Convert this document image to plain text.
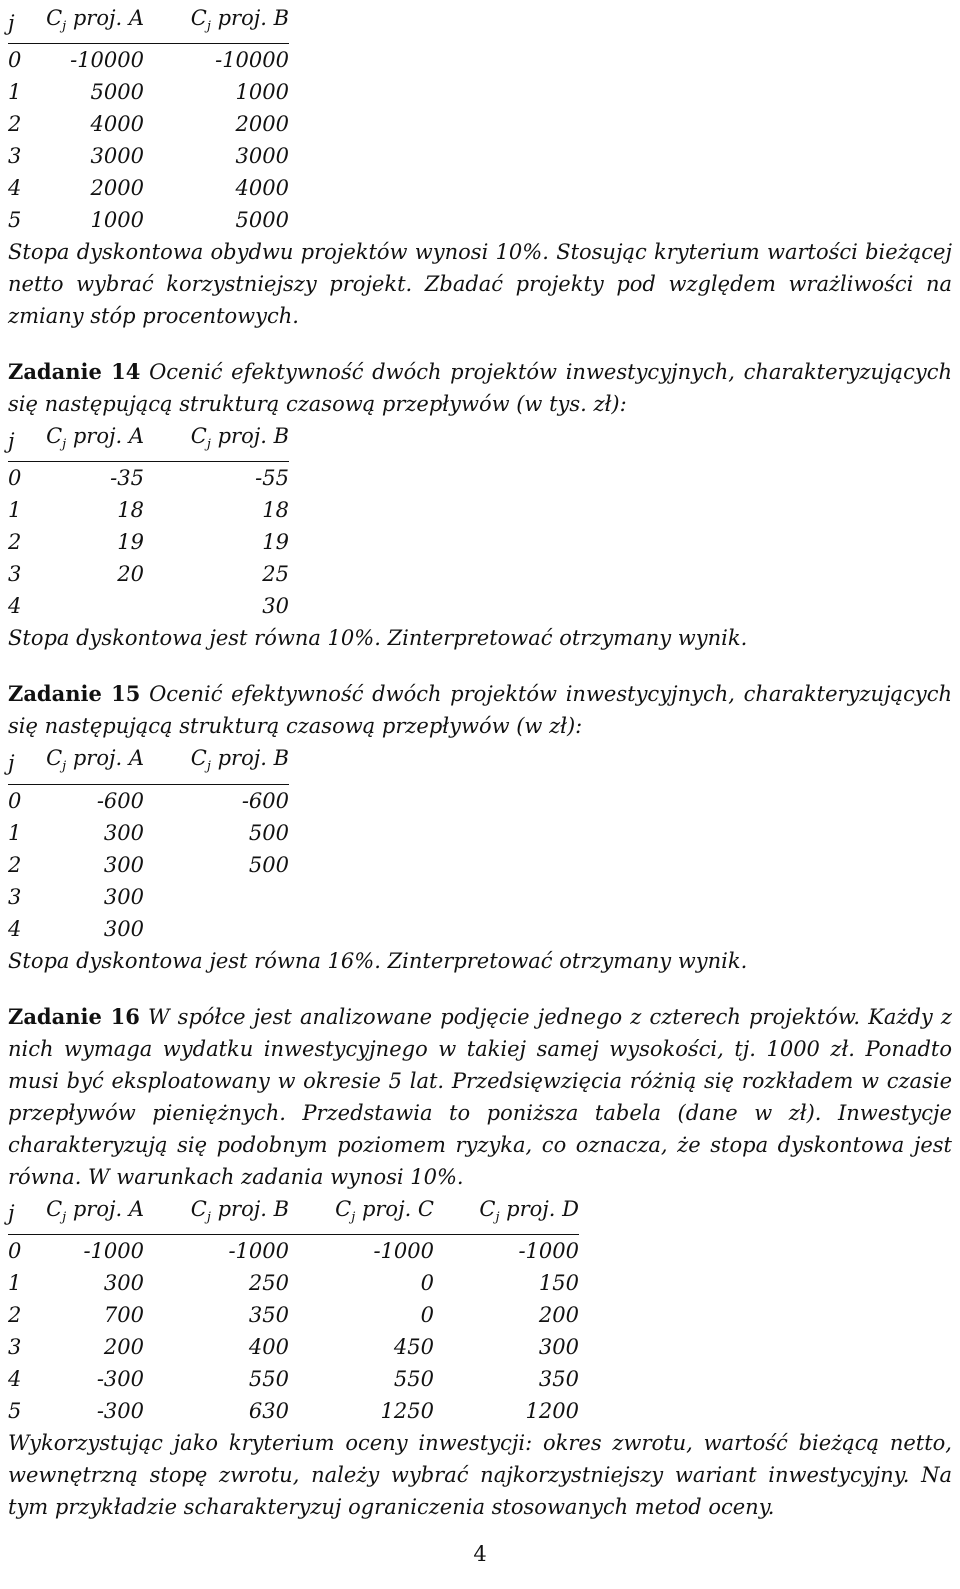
j	$C_j$ proj. A	$C_j$ proj. B
0	-10000	-10000
1	5000	1000
2	4000	2000
3	3000	3000
4	2000	4000
5	1000	5000

Stopa dyskontowa obydwu projektów wynosi 10%. Stosując kryterium wartości bieżącej netto wybrać korzystniejszy projekt. Zbadać projekty pod względem wrażliwości na zmiany stóp procentowych.

Zadanie 14 Ocenić efektywność dwóch projektów inwestycyjnych, charakteryzujących się następującą strukturą czasową przepływów (w tys. zł):

j	$C_j$ proj. A	$C_j$ proj. B
0	-35	-55
1	18	18
2	19	19
3	20	25
4		30

Stopa dyskontowa jest równa 10%. Zinterpretować otrzymany wynik.

Zadanie 15 Ocenić efektywność dwóch projektów inwestycyjnych, charakteryzujących się następującą strukturą czasową przepływów (w zł):

j	$C_j$ proj. A	$C_j$ proj. B
0	-600	-600
1	300	500
2	300	500
3	300	
4	300	

Stopa dyskontowa jest równa 16%. Zinterpretować otrzymany wynik.

Zadanie 16 W spółce jest analizowane podjęcie jednego z czterech projektów. Każdy z nich wymaga wydatku inwestycyjnego w takiej samej wysokości, tj. 1000 zł. Ponadto musi być eksploatowany w okresie 5 lat. Przedsięwzięcia różnią się rozkładem w czasie przepływów pieniężnych. Przedstawia to poniższa tabela (dane w zł). Inwestycje charakteryzują się podobnym poziomem ryzyka, co oznacza, że stopa dyskontowa jest równa. W warunkach zadania wynosi 10%.

j	$C_j$ proj. A	$C_j$ proj. B	$C_j$ proj. C	$C_j$ proj. D
0	-1000	-1000	-1000	-1000
1	300	250	0	150
2	700	350	0	200
3	200	400	450	300
4	-300	550	550	350
5	-300	630	1250	1200

Wykorzystując jako kryterium oceny inwestycji: okres zwrotu, wartość bieżącą netto, wewnętrzną stopę zwrotu, należy wybrać najkorzystniejszy wariant inwestycyjny. Na tym przykładzie scharakteryzuj ograniczenia stosowanych metod oceny.

4
